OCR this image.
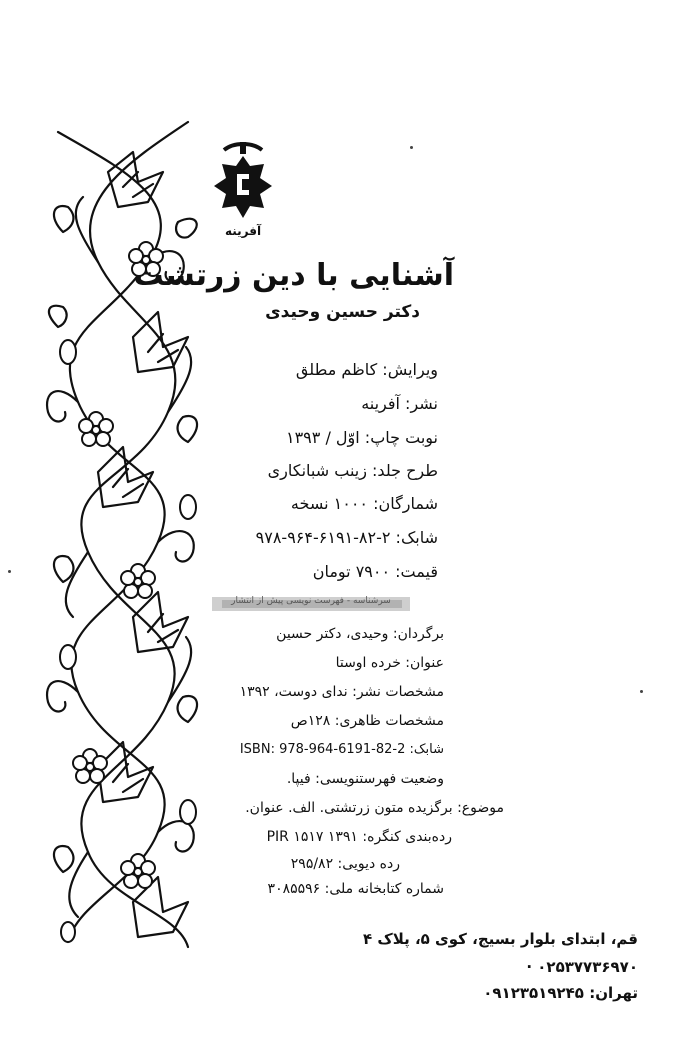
آفرینه
آشنایی با دین زرتشت
دکتر حسین وحیدی
ویرایش: کاظم مطلق
نشر: آفرینه
نوبت چاپ: اوّل / ۱۳۹۳
طرح جلد: زینب شبانکاری
شمارگان: ۱۰۰۰ نسخه
شابک: ۲-۸۲-۶۱۹۱-۹۶۴-۹۷۸
قیمت: ۷۹۰۰ تومان
سرشناسه - فهرست نویسی پیش از انتشار
برگردان: وحیدی، دکتر حسین
عنوان: خرده اوستا
مشخصات نشر: ندای دوست، ۱۳۹۲
مشخصات ظاهری: ۱۲۸ص
شابک: ISBN: 978-964-6191-82-2
وضعیت فهرستنویسی: فیپا.
موضوع: برگزیده متون زرتشتی. الف. عنوان.
رده‌بندی کنگره: PIR ۱۵۱۷ ۱۳۹۱
رده دیویی: ۲۹۵/۸۲
شماره کتابخانه ملی: ۳۰۸۵۵۹۶
قم، ابتدای بلوار بسیج، کوی ۵، پلاک ۴
۰۲۵۳۷۷۳۶۹۷۰ ·
تهران: ۰۹۱۲۳۵۱۹۲۴۵
